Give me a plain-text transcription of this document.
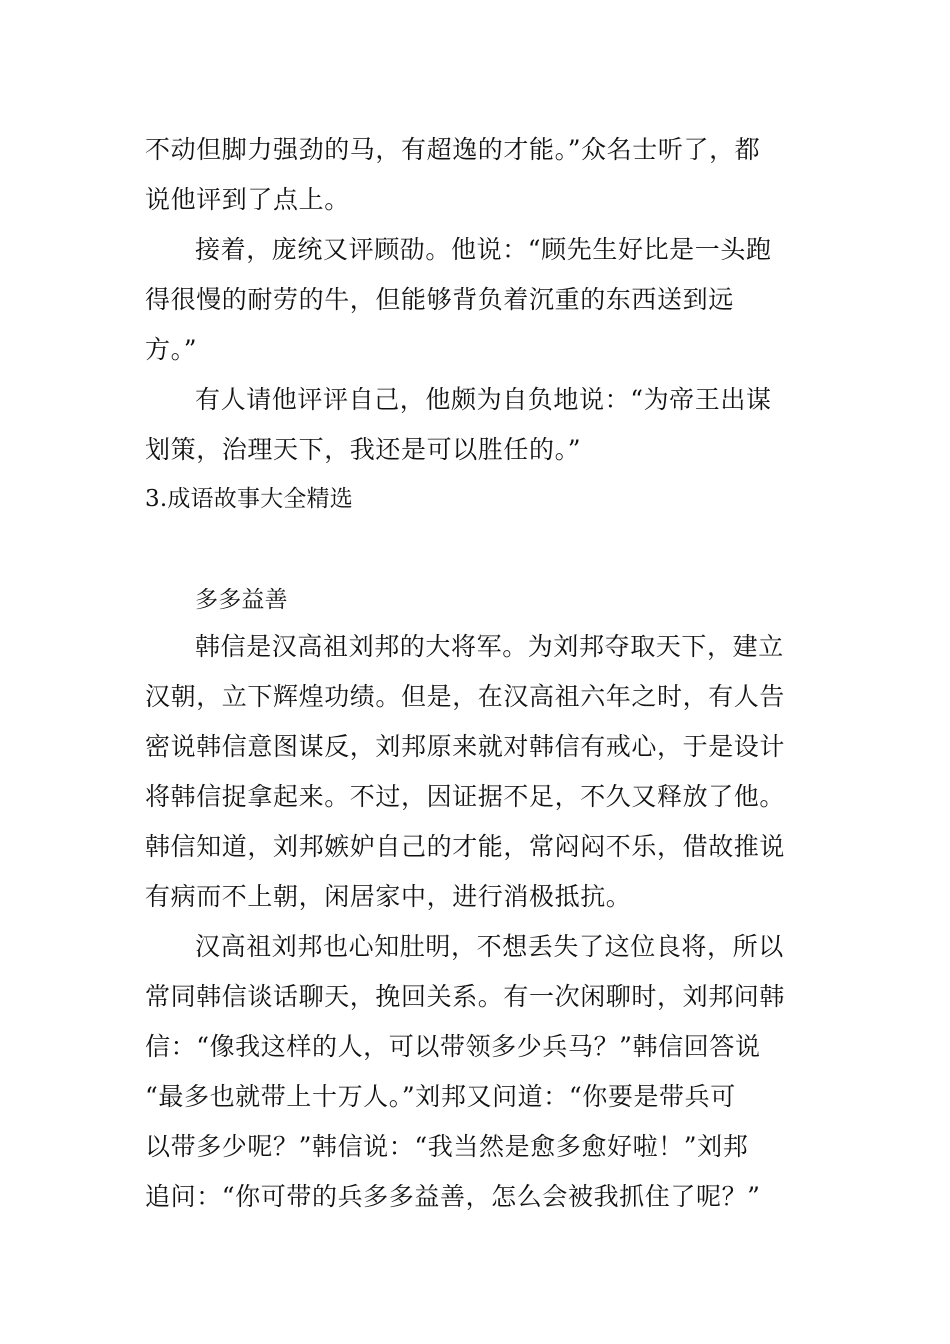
不动但脚力强劲的马，有超逸的才能。”众名士听了，都
说他评到了点上。
接着，庞统又评顾劭。他说：“顾先生好比是一头跑
得很慢的耐劳的牛，但能够背负着沉重的东西送到远
方。”
有人请他评评自己，他颇为自负地说：“为帝王出谋
划策，治理天下，我还是可以胜任的。”
3.成语故事大全精选
多多益善
韩信是汉高祖刘邦的大将军。为刘邦夺取天下，建立
汉朝，立下辉煌功绩。但是，在汉高祖六年之时，有人告
密说韩信意图谋反，刘邦原来就对韩信有戒心，于是设计
将韩信捉拿起来。不过，因证据不足，不久又释放了他。
韩信知道，刘邦嫉妒自己的才能，常闷闷不乐，借故推说
有病而不上朝，闲居家中，进行消极抵抗。
汉高祖刘邦也心知肚明，不想丢失了这位良将，所以
常同韩信谈话聊天，挽回关系。有一次闲聊时，刘邦问韩
信：“像我这样的人，可以带领多少兵马？”韩信回答说
“最多也就带上十万人。”刘邦又问道：“你要是带兵可
以带多少呢？”韩信说：“我当然是愈多愈好啦！”刘邦
追问：“你可带的兵多多益善，怎么会被我抓住了呢？”
